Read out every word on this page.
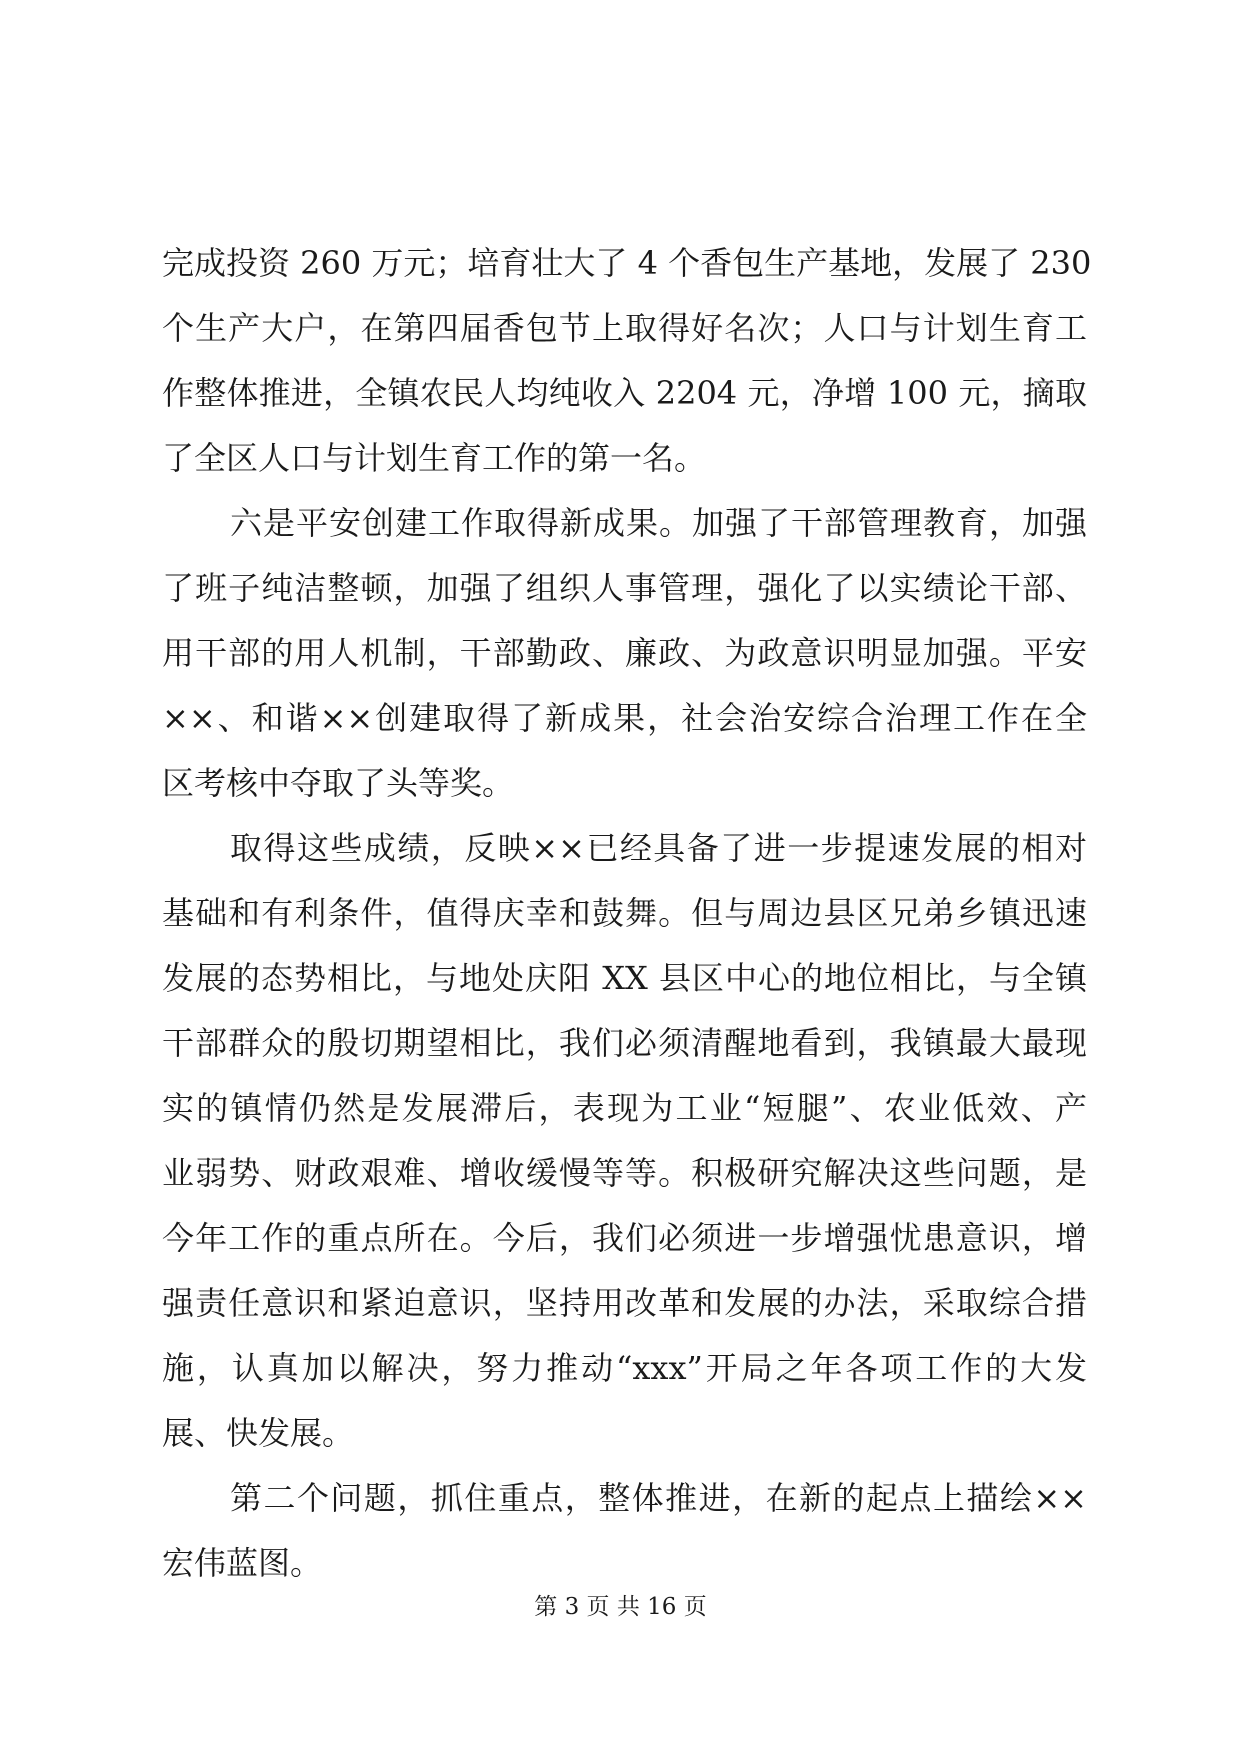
完成投资 260 万元；培育壮大了 4 个香包生产基地，发展了 230
个生产大户，在第四届香包节上取得好名次；人口与计划生育工
作整体推进，全镇农民人均纯收入 2204 元，净增 100 元，摘取
了全区人口与计划生育工作的第一名。
六是平安创建工作取得新成果。加强了干部管理教育，加强
了班子纯洁整顿，加强了组织人事管理，强化了以实绩论干部、
用干部的用人机制，干部勤政、廉政、为政意识明显加强。平安
××、和谐××创建取得了新成果，社会治安综合治理工作在全
区考核中夺取了头等奖。
取得这些成绩，反映××已经具备了进一步提速发展的相对
基础和有利条件，值得庆幸和鼓舞。但与周边县区兄弟乡镇迅速
发展的态势相比，与地处庆阳 XX 县区中心的地位相比，与全镇
干部群众的殷切期望相比，我们必须清醒地看到，我镇最大最现
实的镇情仍然是发展滞后，表现为工业“短腿”、农业低效、产
业弱势、财政艰难、增收缓慢等等。积极研究解决这些问题，是
今年工作的重点所在。今后，我们必须进一步增强忧患意识，增
强责任意识和紧迫意识，坚持用改革和发展的办法，采取综合措
施，认真加以解决，努力推动“xxx”开局之年各项工作的大发
展、快发展。
第二个问题，抓住重点，整体推进，在新的起点上描绘××
宏伟蓝图。
第 3 页 共 16 页
